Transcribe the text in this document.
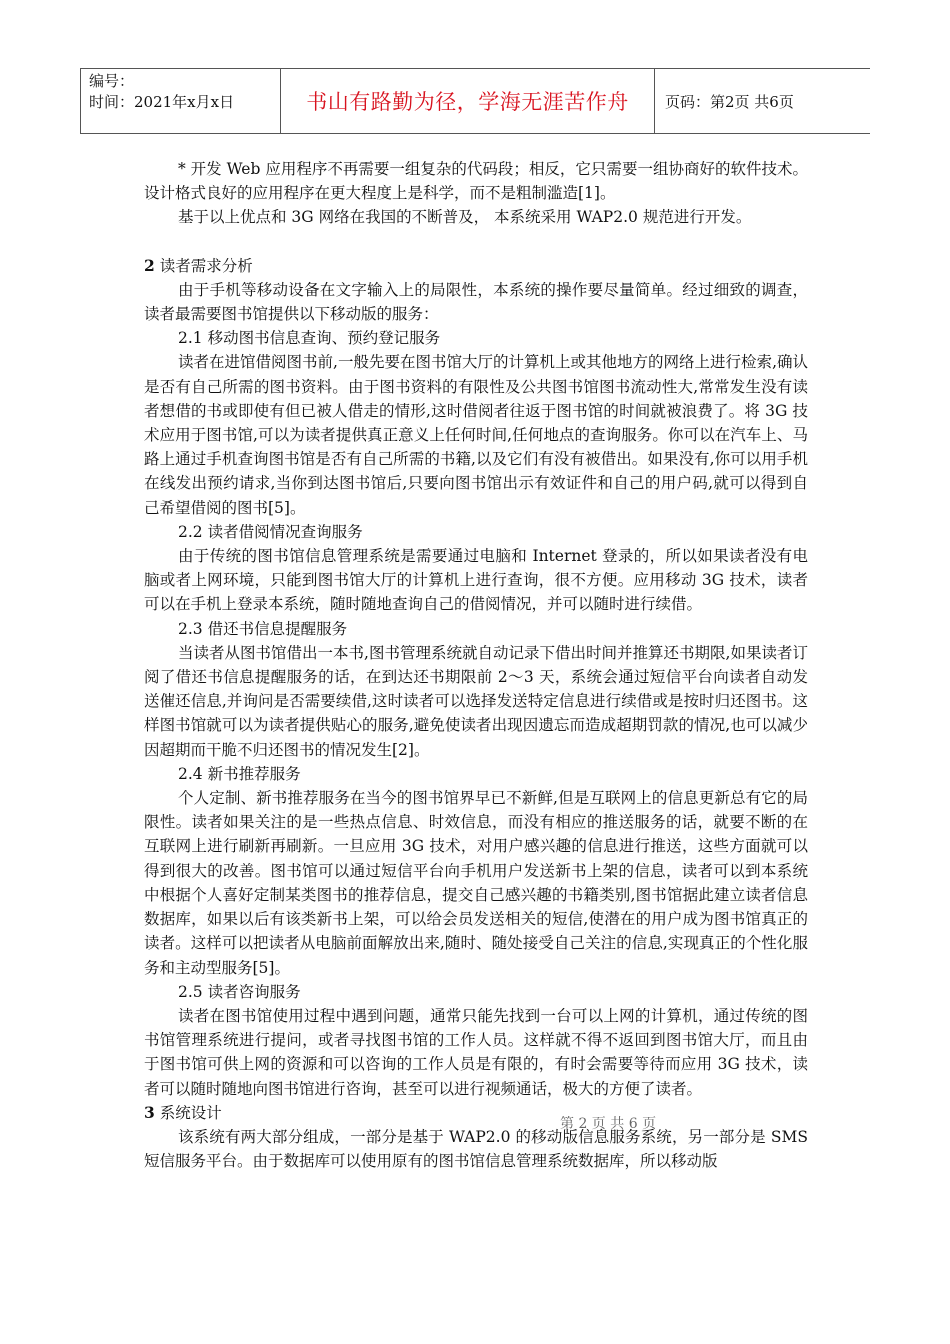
编号：
时间：2021年x月x日	书山有路勤为径，学海无涯苦作舟	页码：第2页 共6页

* 开发 Web 应用程序不再需要一组复杂的代码段；相反，它只需要一组协商好的软件技术。设计格式良好的应用程序在更大程度上是科学，而不是粗制滥造[1]。

基于以上优点和 3G 网络在我国的不断普及， 本系统采用 WAP2.0 规范进行开发。

2 读者需求分析

由于手机等移动设备在文字输入上的局限性，本系统的操作要尽量简单。经过细致的调查，读者最需要图书馆提供以下移动版的服务：

2.1 移动图书信息查询、预约登记服务

读者在进馆借阅图书前,一般先要在图书馆大厅的计算机上或其他地方的网络上进行检索,确认是否有自己所需的图书资料。由于图书资料的有限性及公共图书馆图书流动性大,常常发生没有读者想借的书或即使有但已被人借走的情形,这时借阅者往返于图书馆的时间就被浪费了。将 3G 技术应用于图书馆,可以为读者提供真正意义上任何时间,任何地点的查询服务。你可以在汽车上、马路上通过手机查询图书馆是否有自己所需的书籍,以及它们有没有被借出。如果没有,你可以用手机在线发出预约请求,当你到达图书馆后,只要向图书馆出示有效证件和自己的用户码,就可以得到自己希望借阅的图书[5]。

2.2 读者借阅情况查询服务

由于传统的图书馆信息管理系统是需要通过电脑和 Internet 登录的，所以如果读者没有电脑或者上网环境，只能到图书馆大厅的计算机上进行查询，很不方便。应用移动 3G 技术，读者可以在手机上登录本系统，随时随地查询自己的借阅情况，并可以随时进行续借。

2.3 借还书信息提醒服务

当读者从图书馆借出一本书,图书管理系统就自动记录下借出时间并推算还书期限,如果读者订阅了借还书信息提醒服务的话，在到达还书期限前 2～3 天，系统会通过短信平台向读者自动发送催还信息,并询问是否需要续借,这时读者可以选择发送特定信息进行续借或是按时归还图书。这样图书馆就可以为读者提供贴心的服务,避免使读者出现因遗忘而造成超期罚款的情况,也可以减少因超期而干脆不归还图书的情况发生[2]。

2.4 新书推荐服务

个人定制、新书推荐服务在当今的图书馆界早已不新鲜,但是互联网上的信息更新总有它的局限性。读者如果关注的是一些热点信息、时效信息，而没有相应的推送服务的话，就要不断的在互联网上进行刷新再刷新。一旦应用 3G 技术，对用户感兴趣的信息进行推送，这些方面就可以得到很大的改善。图书馆可以通过短信平台向手机用户发送新书上架的信息，读者可以到本系统中根据个人喜好定制某类图书的推荐信息，提交自己感兴趣的书籍类别,图书馆据此建立读者信息数据库，如果以后有该类新书上架，可以给会员发送相关的短信,使潜在的用户成为图书馆真正的读者。这样可以把读者从电脑前面解放出来,随时、随处接受自己关注的信息,实现真正的个性化服务和主动型服务[5]。

2.5 读者咨询服务

读者在图书馆使用过程中遇到问题，通常只能先找到一台可以上网的计算机，通过传统的图书馆管理系统进行提问，或者寻找图书馆的工作人员。这样就不得不返回到图书馆大厅，而且由于图书馆可供上网的资源和可以咨询的工作人员是有限的，有时会需要等待而应用 3G 技术，读者可以随时随地向图书馆进行咨询，甚至可以进行视频通话，极大的方便了读者。

3 系统设计

该系统有两大部分组成，一部分是基于 WAP2.0 的移动版信息服务系统，另一部分是 SMS 短信服务平台。由于数据库可以使用原有的图书馆信息管理系统数据库，所以移动版

第 2 页 共 6 页
